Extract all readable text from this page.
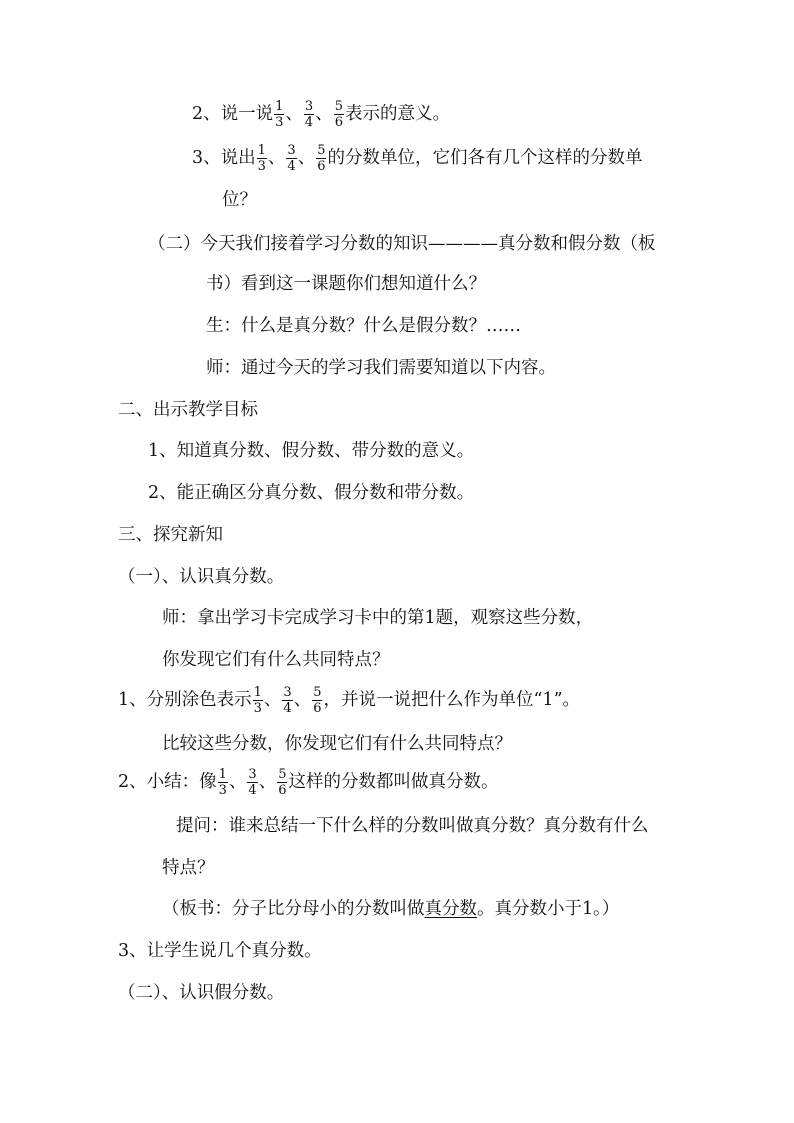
2、说一说 $\frac{1}{3}$ 、 $\frac{3}{4}$ 、 $\frac{5}{6}$ 表示的意义。
3、说出 $\frac{1}{3}$ 、 $\frac{3}{4}$ 、 $\frac{5}{6}$ 的分数单位，它们各有几个这样的分数单
位？
（二）今天我们接着学习分数的知识————真分数和假分数（板
书）看到这一课题你们想知道什么？
生：什么是真分数？什么是假分数？……
师：通过今天的学习我们需要知道以下内容。
二、出示教学目标
1、知道真分数、假分数、带分数的意义。
2、能正确区分真分数、假分数和带分数。
三、探究新知
（一）、认识真分数。
师：拿出学习卡完成学习卡中的第1题，观察这些分数，
你发现它们有什么共同特点？
1、分别涂色表示 $\frac{1}{3}$ 、 $\frac{3}{4}$ 、 $\frac{5}{6}$ ，并说一说把什么作为单位“1”。
比较这些分数，你发现它们有什么共同特点？
2、小结：像 $\frac{1}{3}$ 、 $\frac{3}{4}$ 、 $\frac{5}{6}$ 这样的分数都叫做真分数。
提问：谁来总结一下什么样的分数叫做真分数？真分数有什么
特点？
（板书：分子比分母小的分数叫做 真分数 。真分数小于1。）
3、让学生说几个真分数。
（二）、认识假分数。
